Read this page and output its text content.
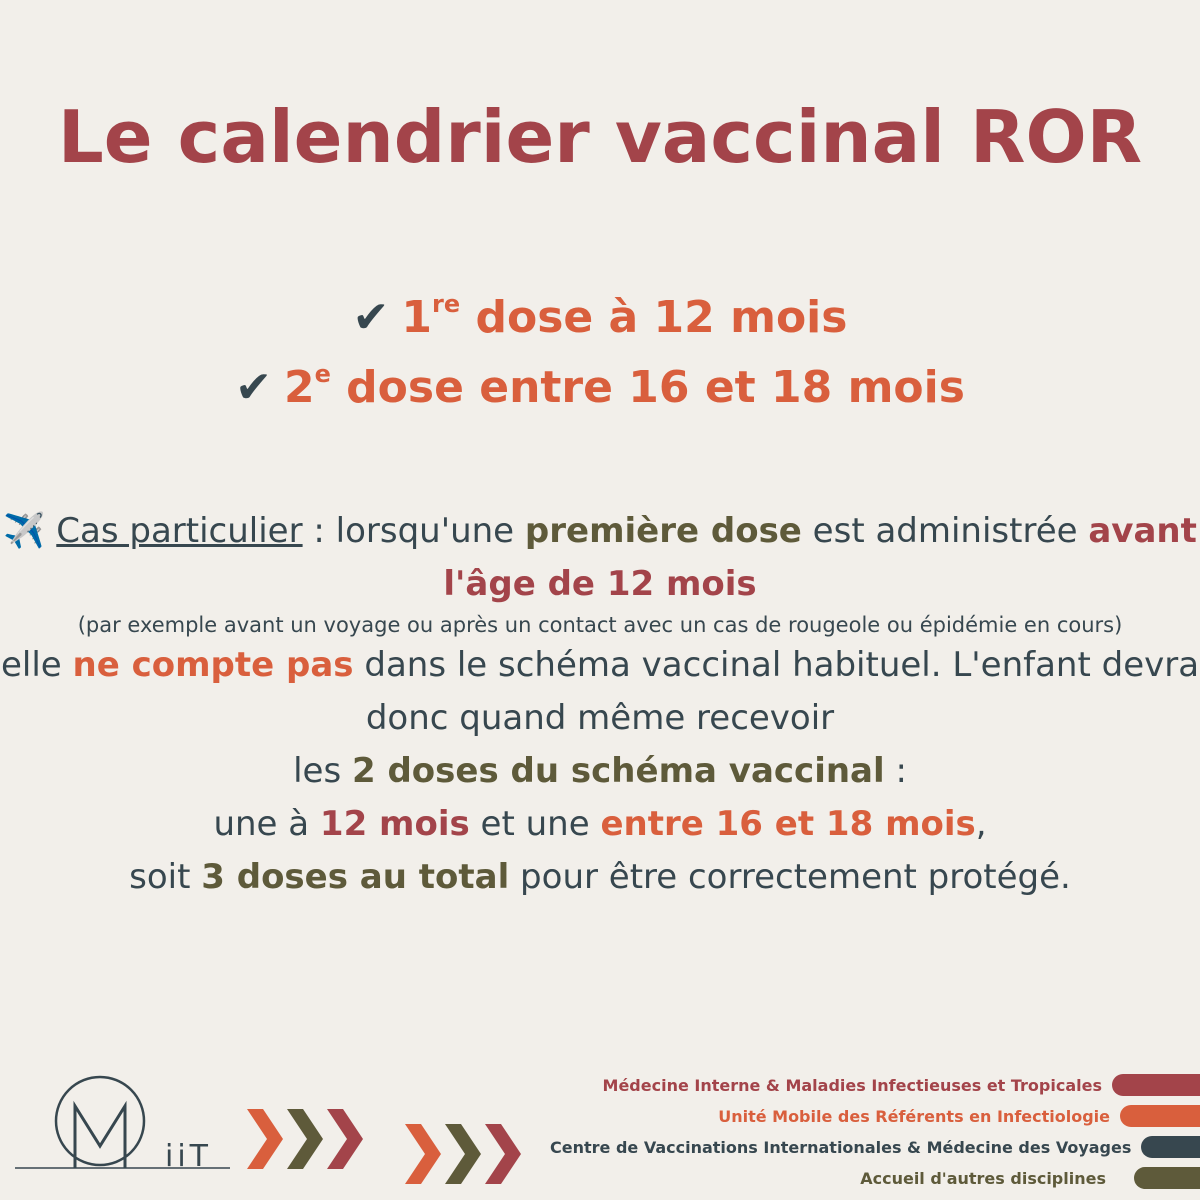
Le calendrier vaccinal ROR
✔ 1re dose à 12 mois
✔ 2e dose entre 16 et 18 mois
✈️ Cas particulier : lorsqu'une première dose est administrée avant
l'âge de 12 mois
(par exemple avant un voyage ou après un contact avec un cas de rougeole ou épidémie en cours)
elle ne compte pas dans le schéma vaccinal habituel. L'enfant devra
donc quand même recevoir
les 2 doses du schéma vaccinal :
une à 12 mois et une entre 16 et 18 mois,
soit 3 doses au total pour être correctement protégé.
iiT
Médecine Interne & Maladies Infectieuses et Tropicales
Unité Mobile des Référents en Infectiologie
Centre de Vaccinations Internationales & Médecine des Voyages
Accueil d'autres disciplines
